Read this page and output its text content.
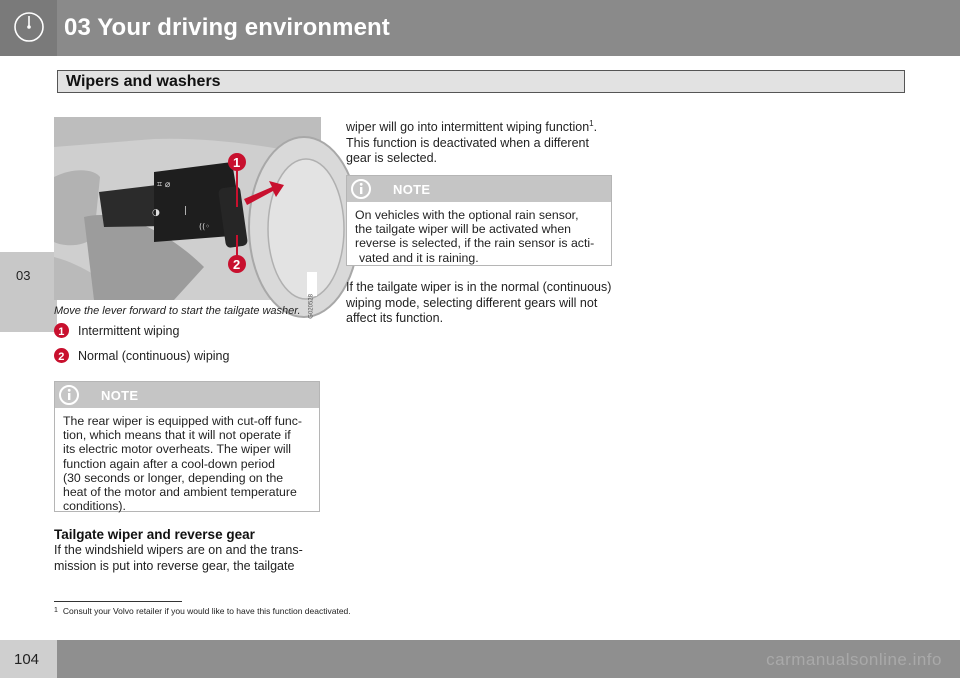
03 Your driving environment
Wipers and washers
03
⌗ ⌀
◑	|
((◦
1
2
G020528
Move the lever forward to start the tailgate washer.
1 Intermittent wiping
2 Normal (continuous) wiping
NOTE
The rear wiper is equipped with cut-off func-
tion, which means that it will not operate if
its electric motor overheats. The wiper will
function again after a cool-down period
(30 seconds or longer, depending on the
heat of the motor and ambient temperature
conditions).
Tailgate wiper and reverse gear
If the windshield wipers are on and the trans-
mission is put into reverse gear, the tailgate
wiper will go into intermittent wiping function$^1$.
This function is deactivated when a different
gear is selected.
NOTE
On vehicles with the optional rain sensor,
the tailgate wiper will be activated when
reverse is selected, if the rain sensor is acti-
vated and it is raining.
If the tailgate wiper is in the normal (continuous)
wiping mode, selecting different gears will not
affect its function.
$^1$ Consult your Volvo retailer if you would like to have this function deactivated.
104	carmanualsonline.info
